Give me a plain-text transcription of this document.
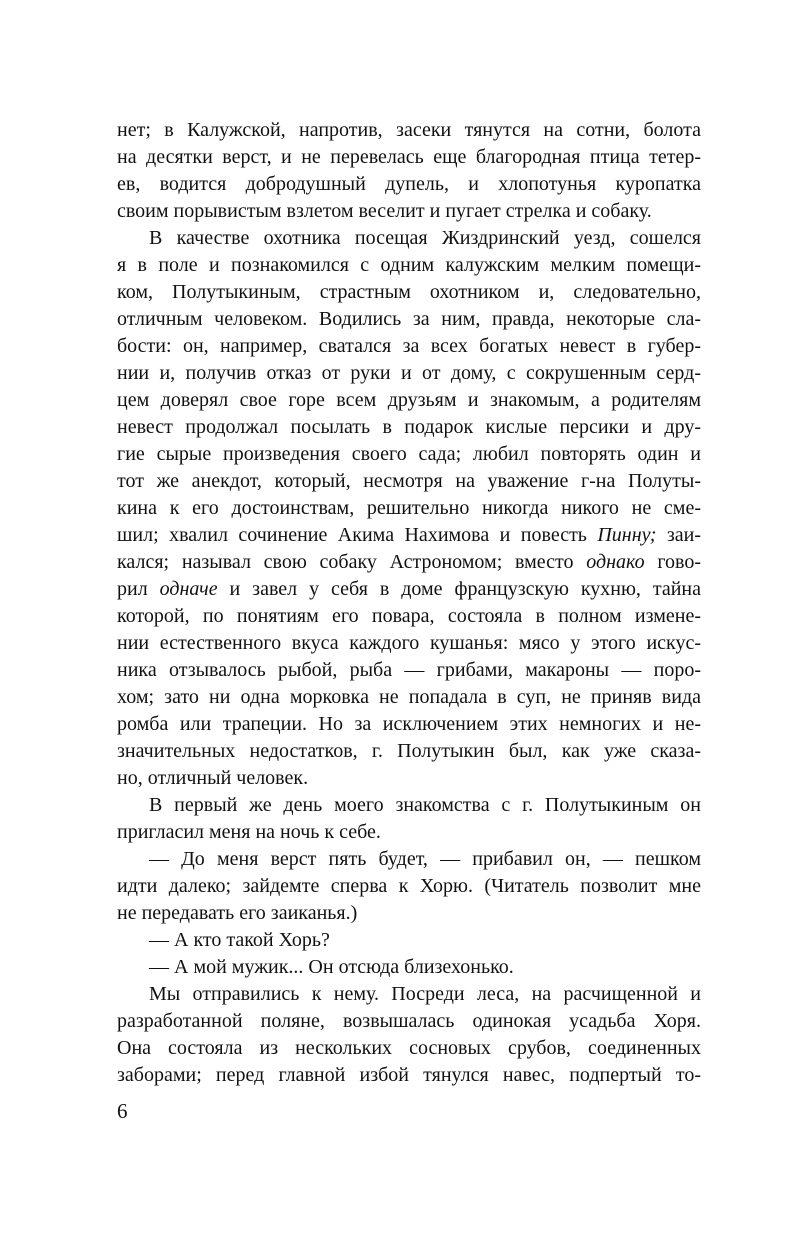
нет; в Калужской, напротив, засеки тянутся на сотни, болота
на десятки верст, и не перевелась еще благородная птица тетер-
ев, водится добродушный дупель, и хлопотунья куропатка
своим порывистым взлетом веселит и пугает стрелка и собаку.
В качестве охотника посещая Жиздринский уезд, сошелся
я в поле и познакомился с одним калужским мелким помещи-
ком, Полутыкиным, страстным охотником и, следовательно,
отличным человеком. Водились за ним, правда, некоторые сла-
бости: он, например, сватался за всех богатых невест в губер-
нии и, получив отказ от руки и от дому, с сокрушенным серд-
цем доверял свое горе всем друзьям и знакомым, а родителям
невест продолжал посылать в подарок кислые персики и дру-
гие сырые произведения своего сада; любил повторять один и
тот же анекдот, который, несмотря на уважение г-на Полуты-
кина к его достоинствам, решительно никогда никого не сме-
шил; хвалил сочинение Акима Нахимова и повесть Пинну; заи-
кался; называл свою собаку Астрономом; вместо однако гово-
рил одначе и завел у себя в доме французскую кухню, тайна
которой, по понятиям его повара, состояла в полном измене-
нии естественного вкуса каждого кушанья: мясо у этого искус-
ника отзывалось рыбой, рыба — грибами, макароны — поро-
хом; зато ни одна морковка не попадала в суп, не приняв вида
ромба или трапеции. Но за исключением этих немногих и не-
значительных недостатков, г. Полутыкин был, как уже сказа-
но, отличный человек.
В первый же день моего знакомства с г. Полутыкиным он
пригласил меня на ночь к себе.
— До меня верст пять будет, — прибавил он, — пешком
идти далеко; зайдемте сперва к Хорю. (Читатель позволит мне
не передавать его заиканья.)
— А кто такой Хорь?
— А мой мужик... Он отсюда близехонько.
Мы отправились к нему. Посреди леса, на расчищенной и
разработанной поляне, возвышалась одинокая усадьба Хоря.
Она состояла из нескольких сосновых срубов, соединенных
заборами; перед главной избой тянулся навес, подпертый то-
6
